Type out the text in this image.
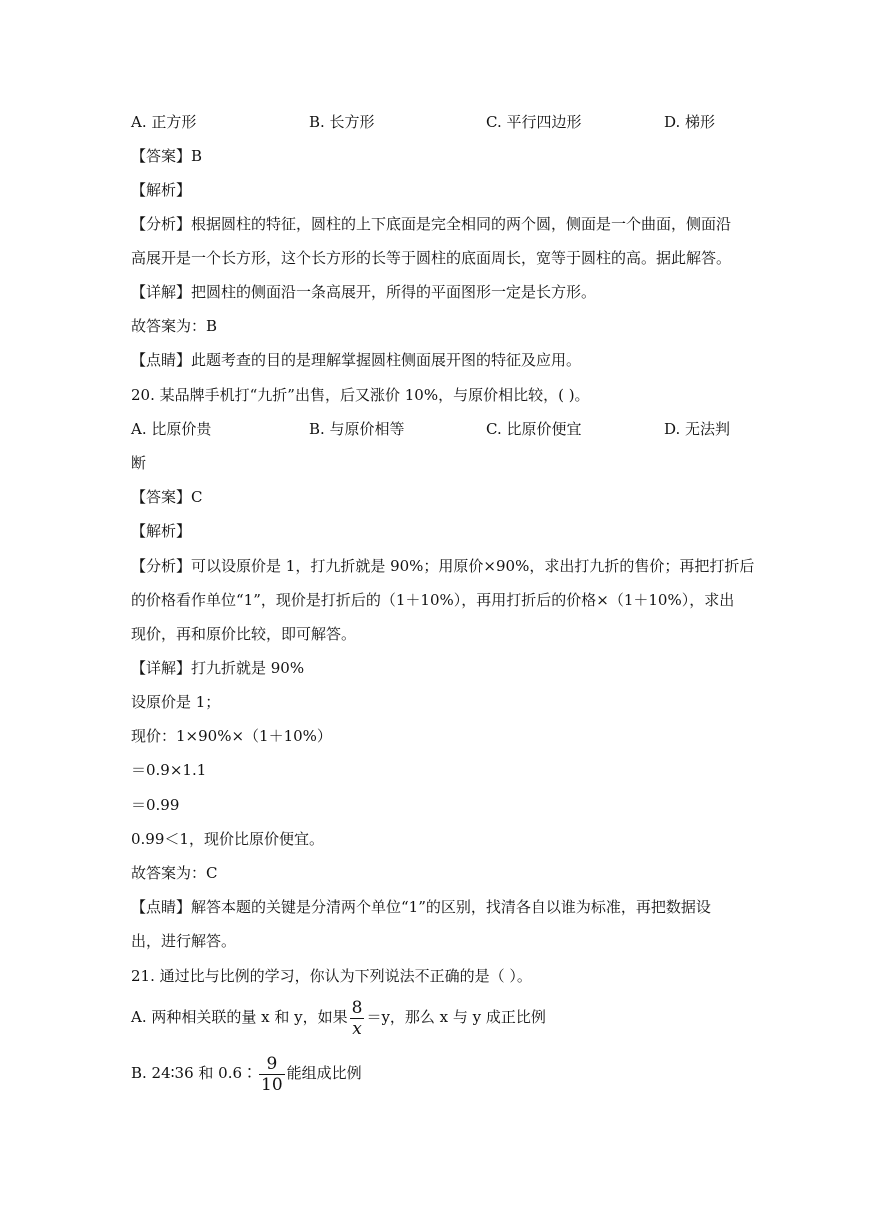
A. 正方形	B. 长方形	C. 平行四边形	D. 梯形
【答案】B
【解析】
【分析】根据圆柱的特征，圆柱的上下底面是完全相同的两个圆，侧面是一个曲面，侧面沿
高展开是一个长方形，这个长方形的长等于圆柱的底面周长，宽等于圆柱的高。据此解答。
【详解】把圆柱的侧面沿一条高展开，所得的平面图形一定是长方形。
故答案为：B
【点睛】此题考查的目的是理解掌握圆柱侧面展开图的特征及应用。
20. 某品牌手机打“九折”出售，后又涨价 10%，与原价相比较，( )。
A. 比原价贵	B. 与原价相等	C. 比原价便宜	D. 无法判
断
【答案】C
【解析】
【分析】可以设原价是 1，打九折就是 90%；用原价×90%，求出打九折的售价；再把打折后
的价格看作单位“1”，现价是打折后的（1＋10%），再用打折后的价格×（1＋10%），求出
现价，再和原价比较，即可解答。
【详解】打九折就是 90%
设原价是 1；
现价：1×90%×（1＋10%）
＝0.9×1.1
＝0.99
0.99＜1，现价比原价便宜。
故答案为：C
【点睛】解答本题的关键是分清两个单位“1”的区别，找清各自以谁为标准，再把数据设
出，进行解答。
21. 通过比与比例的学习，你认为下列说法不正确的是（ ）。
A. 两种相关联的量 x 和 y，如果 $\frac{8}{x} =y$，那么 x 与 y 成正比例
B. 24∶36 和 0.6∶ $\frac{9}{10}$ 能组成比例
